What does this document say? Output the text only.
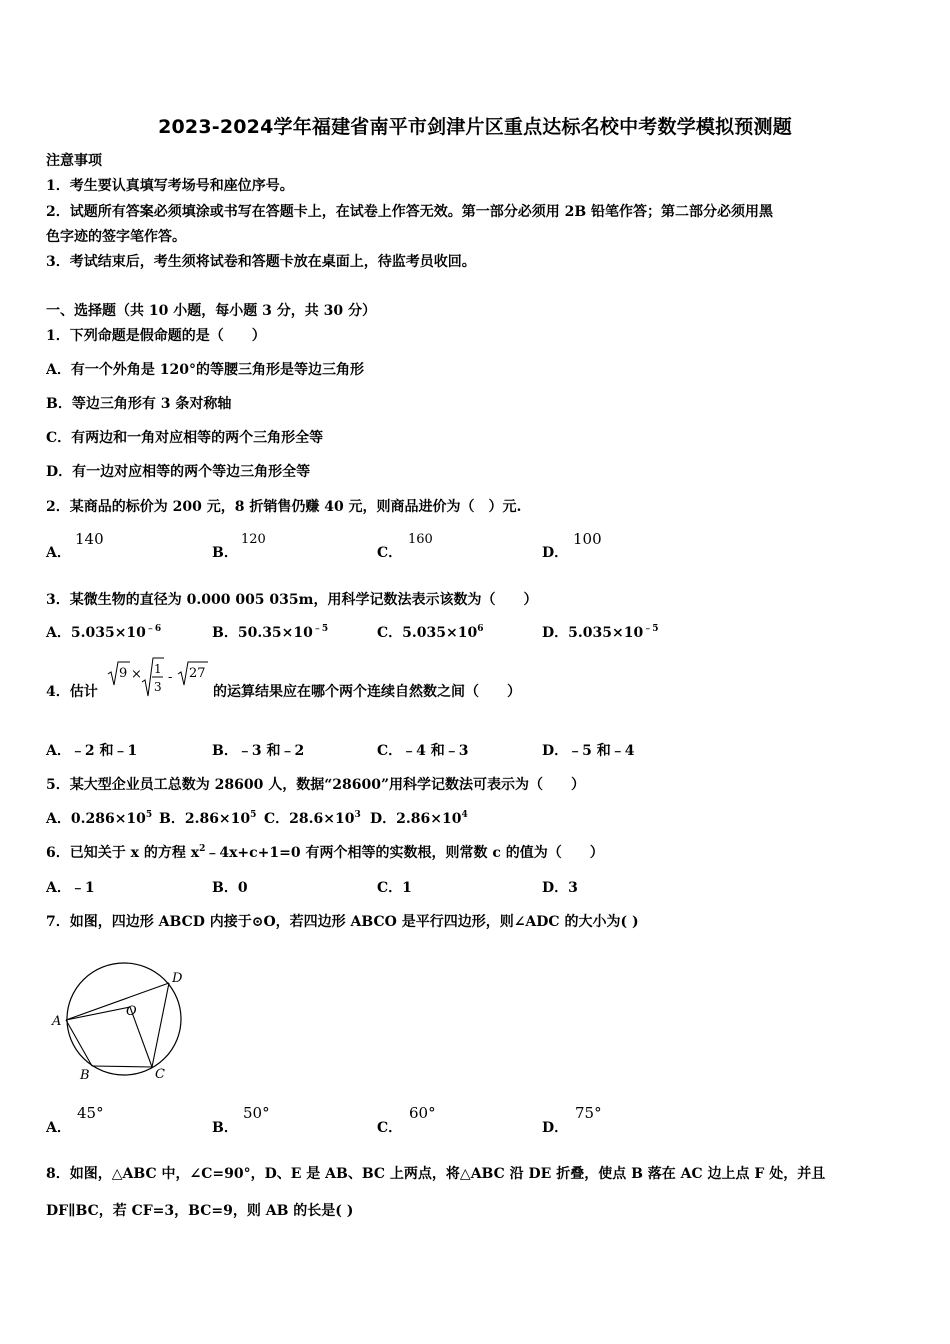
2023-2024学年福建省南平市剑津片区重点达标名校中考数学模拟预测题
注意事项
1．考生要认真填写考场号和座位序号。
2．试题所有答案必须填涂或书写在答题卡上，在试卷上作答无效。第一部分必须用 2B 铅笔作答；第二部分必须用黑
色字迹的签字笔作答。
3．考试结束后，考生须将试卷和答题卡放在桌面上，待监考员收回。
一、选择题（共 10 小题，每小题 3 分，共 30 分）
1．下列命题是假命题的是（　　）
A．有一个外角是 120°的等腰三角形是等边三角形
B．等边三角形有 3 条对称轴
C．有两边和一角对应相等的两个三角形全等
D．有一边对应相等的两个等边三角形全等
2．某商品的标价为 200 元，8 折销售仍赚 40 元，则商品进价为（　）元.
A．
140
B．
120
C．
160
D．
100
3．某微生物的直径为 0.000 005 035m，用科学记数法表示该数为（　　）
A．$5.035\times 10^{﹣6}$	B．$50.35\times 10^{﹣5}$	C．$5.035\times 10^6$	D．$5.035\times 10^{﹣5}$
4．估计
9 × 1
3
- 27
的运算结果应在哪个两个连续自然数之间（　　）
A．﹣2 和﹣1	B．﹣3 和﹣2	C．﹣4 和﹣3	D．﹣5 和﹣4
5．某大型企业员工总数为 28600 人，数据“28600”用科学记数法可表示为（　　）
A．$0.286\times 10^5$ B．$2.86\times 10^5$ C．$28.6\times 10^3$ D．$2.86\times 10^4$
6．已知关于 x 的方程 $x^2﹣4x+c+1=0$ 有两个相等的实数根，则常数 c 的值为（　　）
A．﹣1	B．0	C．1	D．3
7．如图，四边形 ABCD 内接于⊙O，若四边形 ABCO 是平行四边形，则∠ADC 的大小为( )
A
B	C
D
O
A．
45°
B．
50°
C．
60°
D．
75°
8．如图，△ABC 中，∠C=90°，D、E 是 AB、BC 上两点，将△ABC 沿 DE 折叠，使点 B 落在 AC 边上点 F 处，并且
DF∥BC，若 CF=3，BC=9，则 AB 的长是( )
